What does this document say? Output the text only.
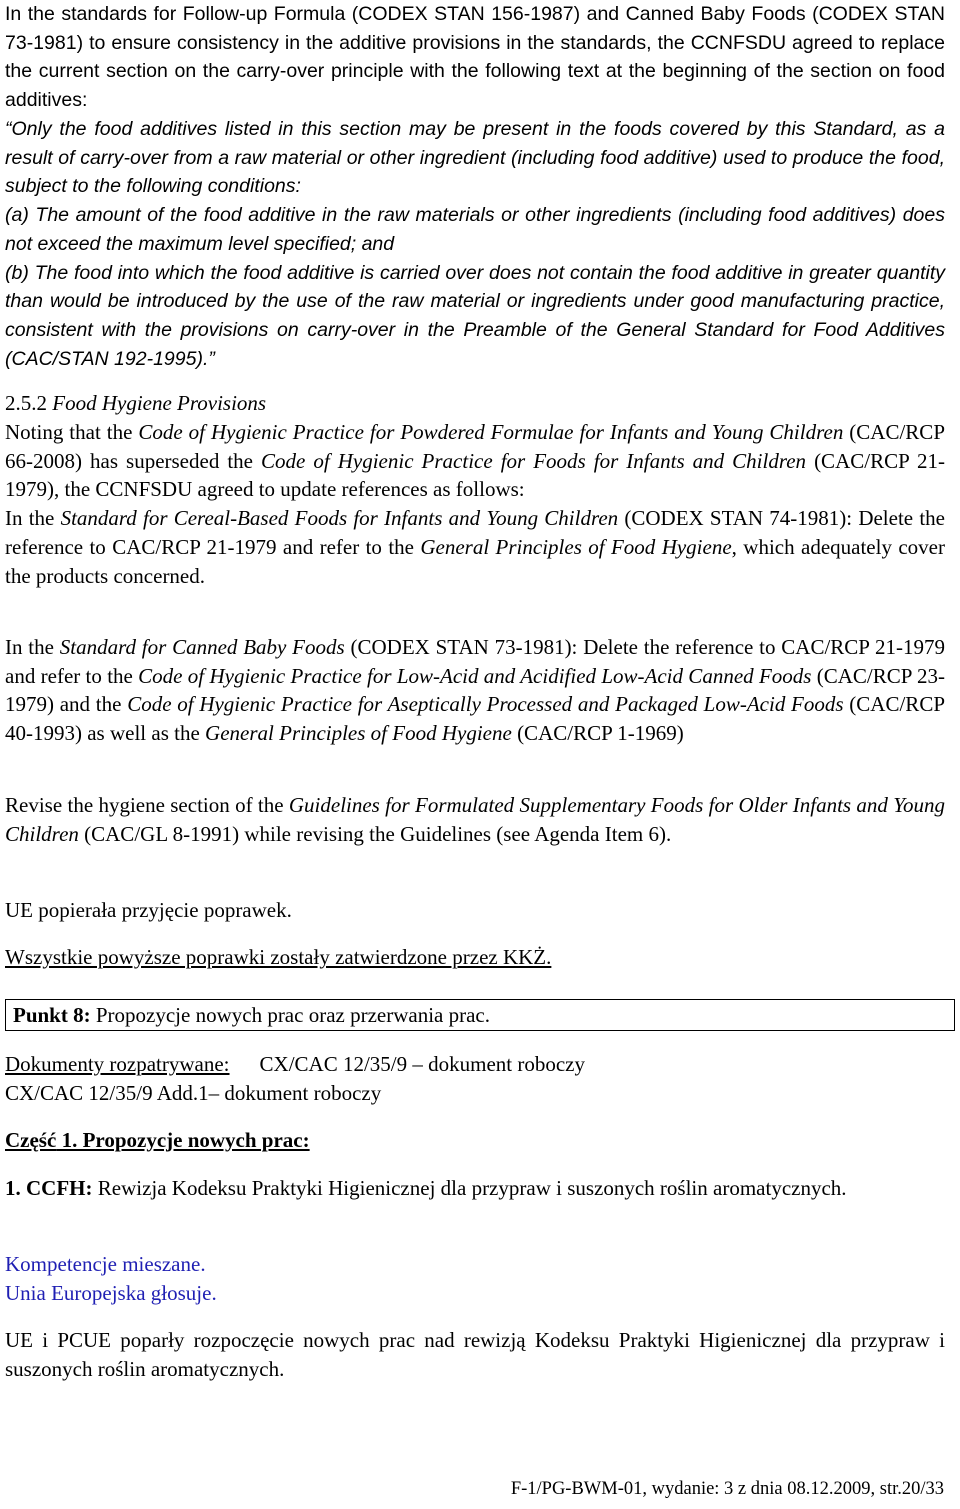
In the standards for Follow-up Formula (CODEX STAN 156-1987) and Canned Baby Foods (CODEX STAN 73-1981) to ensure consistency in the additive provisions in the standards, the CCNFSDU agreed to replace the current section on the carry-over principle with the following text at the beginning of the section on food additives:

“Only the food additives listed in this section may be present in the foods covered by this Standard, as a result of carry-over from a raw material or other ingredient (including food additive) used to produce the food, subject to the following conditions:

(a) The amount of the food additive in the raw materials or other ingredients (including food additives) does not exceed the maximum level specified; and

(b) The food into which the food additive is carried over does not contain the food additive in greater quantity than would be introduced by the use of the raw material or ingredients under good manufacturing practice, consistent with the provisions on carry-over in the Preamble of the General Standard for Food Additives (CAC/STAN 192-1995).”

2.5.2 Food Hygiene Provisions

Noting that the Code of Hygienic Practice for Powdered Formulae for Infants and Young Children (CAC/RCP 66-2008) has superseded the Code of Hygienic Practice for Foods for Infants and Children (CAC/RCP 21-1979), the CCNFSDU agreed to update references as follows:

In the Standard for Cereal-Based Foods for Infants and Young Children (CODEX STAN 74-1981): Delete the reference to CAC/RCP 21-1979 and refer to the General Principles of Food Hygiene, which adequately cover the products concerned.

In the Standard for Canned Baby Foods (CODEX STAN 73-1981): Delete the reference to CAC/RCP 21-1979 and refer to the Code of Hygienic Practice for Low-Acid and Acidified Low-Acid Canned Foods (CAC/RCP 23-1979) and the Code of Hygienic Practice for Aseptically Processed and Packaged Low-Acid Foods (CAC/RCP 40-1993) as well as the General Principles of Food Hygiene (CAC/RCP 1-1969)

Revise the hygiene section of the Guidelines for Formulated Supplementary Foods for Older Infants and Young Children (CAC/GL 8-1991) while revising the Guidelines (see Agenda Item 6).

UE popierała przyjęcie poprawek.

Wszystkie powyższe poprawki zostały zatwierdzone przez KKŻ.

Punkt 8: Propozycje nowych prac oraz przerwania prac.

Dokumenty rozpatrywane: CX/CAC 12/35/9 – dokument roboczy

CX/CAC 12/35/9 Add.1– dokument roboczy

Część 1. Propozycje nowych prac:

1. CCFH: Rewizja Kodeksu Praktyki Higienicznej dla przypraw i suszonych roślin aromatycznych.

Kompetencje mieszane.

Unia Europejska głosuje.

UE i PCUE poparły rozpoczęcie nowych prac nad rewizją Kodeksu Praktyki Higienicznej dla przypraw i suszonych roślin aromatycznych.

F-1/PG-BWM-01, wydanie: 3 z dnia 08.12.2009, str.20/33
